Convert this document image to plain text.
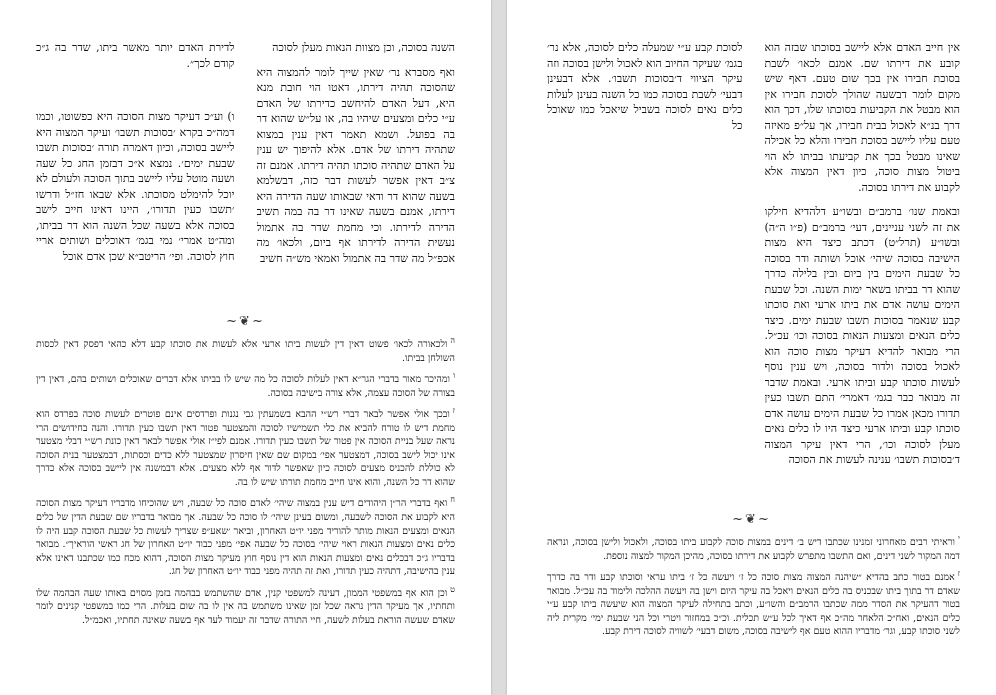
השנה בסוכה, וכן מצוות הנאות מעלן לסוכה

ואף מסברא נר׳ שאין שייך לומר להמצוה היא שהסוכה תהיה דירתו, דאטו הוי חובת מנא היא, דעל האדם להיחשב כדירתו של האדם ע״י כלים ומצעים שיהיו בה, או על״ש שהוא דר בה בפועל. ושמא תאמר דאין ענין במצוא שתהיה דירתו של אדם. אלא להיפוך יש ענין על האדם שתהיה סוכתו תהיה דירתו. אמנם זה צ״ב דאין אפשר לעשות דבר כזה, דבשלמא בשעה שהוא דר ודאי שבאותו שעה הדירה היא דירתו, אמנם בשעה שאינו דר בה במה תשיב הדירה לדירתו. וכי מחמת שדר בה אתמול נעשית הדירה לדירתו אף ביום, ולכאו׳ מה אכפ״ל מה שדר בה אתמול ואמאי מש״ה חשיב

לדירת האדם יותר מאשר ביתו, שדר בה ג״כ קודם לכך״.

ו) וע״כ דעיקר מצות הסוכה היא כפשוטו, וכמו דמה״כ בקרא ׳בסוכות תשבו׳ ועיקר המצוה היא ליישב בסוכה, וכיון דאמרה תורה ׳בסוכות תשבו שבעת ימים׳. נמצא א״כ דבזמן החג כל שעה ושעה מוטל עליו ליישב בתוך הסוכה ולעולם לא יוכל להימלט מסוכתו. אלא שבאו חז״ל ודרשו ׳תשבו כעין תדורו׳, היינו דאינו חייב לישב בסוכה אלא בשעה שכל השנה הוא דר בביתו, ומה״ט אמרי׳ נמי בגמ׳ דאוכלים ושותים אריי חוץ לסוכה. ופי׳ הריטב״א שכן אדם אוכל

~❦~

$^ה$ולכאורה לכאו׳ פשוט דאין דין לעשות ביתו ארעי אלא לעשות את סוכתו קבע דלא כהאי דפסק דאין לכסות השולחן בביתו.

$^ו$ומהיכר מאור בדברי הגר״א דאין לעלות לסוכה כל מה שיש לו בביתו אלא דברים שאוכלים ושותים בהם, דאין דין בצורה של הסוכה עצמה, אלא צורה בישיבה בסוכה.

$^ז$ובכך אולי אפשר לבאר דברי רש״י ההבא בשמעתין גבי נגנות ופרדסים אינם פוטרים לעשות סוכה בפרדס הוא מחמת דיש לו טורח להביא את כלי תשמישיו לסוכה והמצטער פטור דאין תשבו כעין תדורו. והנה בחידושים הרי נראה שעל בניית הסוכה אין פטור של תשבו כעין תדורו. אמנם לפי״ז אולי אפשר לבאר דאין כונת רש״י דבלי מצטער אינו יכול לישב בסוכה, דמצטער אפי׳ במקום שם שאין חיסרון שמצטער ללא כדים וכסתות, דבמצטער בנית הסוכה לא כוללת להכניס מצעים לסוכה כיון שאפשר לדור אף ללא מצעים. אלא דבמשנה אין ליישב בסוכה אלא כדרך שהוא דר כל השנה, והוא אינו חייב מחמת תורתו שיש לו בה.

$^ח$ואף בדברי הר״ן היהודים דיש ענין במצוה שיהי׳ לאדם סוכה כל שבעה, ויש שהוכיחו מדבריו דעיקר מצות הסוכה היא לקבוע את הסוכה לשבעה, ומשום בעינן שיהי׳ לו סוכה כל שבעה. אך מבואר בדבריו שם שבעת הדין של כלים הנאים ומצעים הנאות מותר להוריד מפני יו״ט האחרון, וביאר ׳שאע״פ שצריך לעשות כל שבעת הסוכה קבע היה לו כלים נאים ומצעות הנאות ראוי שיהי׳ בסוכה כל שבעה אפי׳ מפני כבוד יו״ט האחרון של חג ראשי הוראיך״. מבואר בדבריו ג״כ דבכלים נאים ומצעות הנאות הוא דין נוסף חוץ מעיקר מצות הסוכה, דהוא מכח כמו שכתבנו דאינו אלא ענין בהישיבה, דתהיה כעין תדורו, ואת זה תהיה מפני כבוד יו״ט האחרון של חג.

$^ט$וכן הוא אף במשפטי הממון, דעינה למשפטי קנין, אדם שהשתמש בבהמה בזמן מסוים באותו שעה הבהמה שלו ותחתיו, אך מעיקר הדין נראה שכל זמן שאינו משתמש בה אין לו בה שום בעלות. הרי כמו במשפטי קנינים לומר שאדם שעשה הוראת בעלות לשעה, חיי התורה שדבר זה יעמוד לעד אף בשעה שאינה תחתיו, ואכמ״ל.

אין חייב האדם אלא ליישב בסוכתו שבזה הוא קובע את דירתו שם. אמנם לכאו׳ לשבת בסוכת חבירו אין בכך שום טעם. דאף שיש מקום לומר דבשעה שהולך לסוכת חבירו אין הוא מבטל את הקביעות בסוכתו שלו, דכך הוא דרך בנ״א לאכול בבית חבירו, אך על״פ מאיזה טעם עליו ליישב בסוכת חבירו והלא כל אכילה שאינו מבטל בכך את קביעתו בביתו לא הוי ביטול מצות סוכה, כיון דאין המצוה אלא לקבוע את דירתו בסוכה.

ובאמת שנו׳ ברמב״ם ובשו״ע דלהדיא חילקו את זה לשני עניינים, דעי׳ ברמב״ם (פ״ו ה״ה) ובשו״ע (תרל״ט) דכתב כיצד היא מצות הישיבה בסוכה שיהי׳ אוכל ושותה ודר בסוכה כל שבעת הימים בין ביום ובין בלילה כדרך שהוא דר בביתו בשאר ימות השנה. וכל שבעת הימים עושה אדם את ביתו ארעי ואת סוכתו קבע שנאמר בסוכות תשבו שבעת ימים. כיצד כלים הנאים ומצעות הנאות בסוכה וכו׳ עכ״ל. הרי מבואר להדיא דעיקר מצות סוכה הוא לאכול בסוכה ולדור בסוכה, ויש ענין נוסף לעשות סוכתו קבע וביתו ארעי. ובאמת שדבר זה מבואר כבר בגמ׳ דאמרי׳ התם תשבו כעין תדורו מכאן אמרו כל שבעת הימים עושה אדם סוכתו קבע וביתו ארעי כיצד היו לו כלים נאים מעלן לסוכה וכו׳, הרי דאין עיקר המצוה ד׳בסוכות תשבו׳ ענינה לעשות את הסוכה

לסוכת קבע ע״י שמעלה כלים לסוכה, אלא נר׳ בגמ׳ שעיקר החיוב הוא לאכול ולישן בסוכה וזה עיקר הציווי ד׳בסוכות תשבו׳. אלא דבעינן דבעי׳ לשבת בסוכה כמו כל השנה בעינן לעלות כלים נאים לסוכה בשביל שיאכל כמו שאוכל כל

~❦~

$^י$וראיתי רבים מאחרוני זמנינו שכתבו דיש ב׳ דינים במצות סוכה לקבוע ביתו בסוכה, ולאכול ולישן בסוכה, ונראה דמה המקור לשני דינים, ואם התשבו מתפרש לקבוע את דירתו בסוכה, מהיכן המקור למצוה נוספת.

$^ז$אמנם בטור כתב בהדיא ״שיהנה המצוה מצות סוכה כל ז׳ ויעשה כל ז׳ ביתו עראי וסוכתו קבע ודר בה כדרך שאדם דר בתוך ביתו שבכניס בה כלים הנאים ויאכל בה עיקר היום וישן בה ויעשה ההלכה ולימוד בה עכ״ל. מבואר בטור דהעיקר את הסדר ממה שכתבו הרמב״ם והשו״ע, וכתב בתחילה לעיקר המצוה הוא שיעשה ביתו קבע ע״י כלים הנאים, ואח״כ הלאחר מה״כ אף דאיך לכל ע״ש תכלית. וכ״כ במחזור ויטרי וכל הני שבעת ימי׳ מקרית ליה לשני סוכתו קבע, וגר׳ מדבריו ההוא טעם אף לישיבה בסוכה, משום דבעי׳ לשוויה לסוכה דירת קבע.
